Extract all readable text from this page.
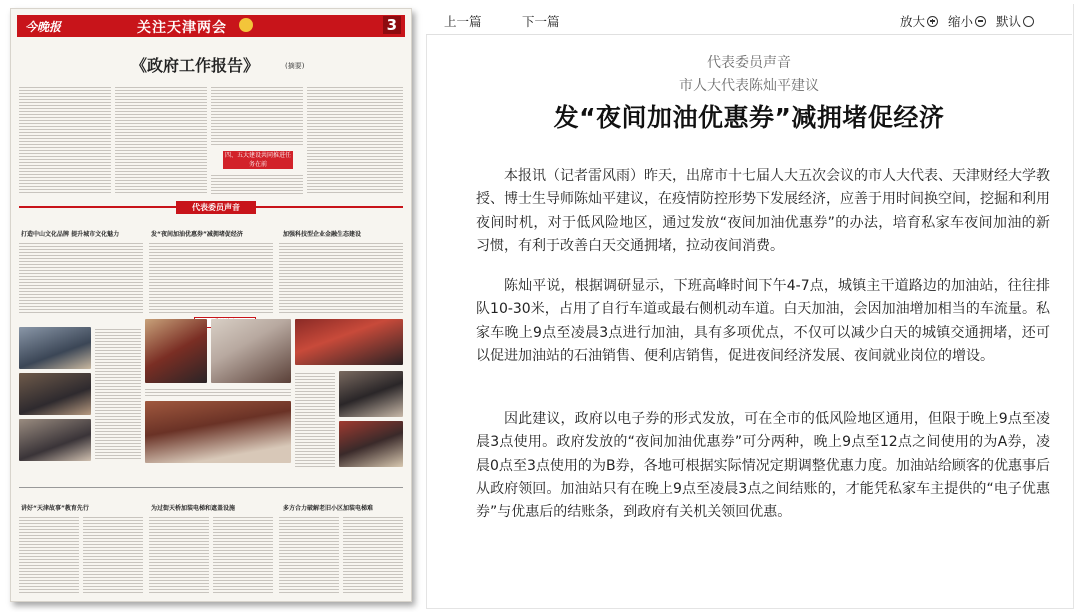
今晚报	关注天津两会	3
《政府工作报告》	(摘要)
四、五大建设共同推进任务在前
代表委员声音
打造中山文化品牌 提升城市文化魅力	发“夜间加油优惠券”减拥堵促经济	加强科技型企业金融生态建设
讲好“天津故事”教育先行	为过街天桥加装电梯和遮盖设施	多方合力破解老旧小区加装电梯难
上一篇	下一篇	放大 缩小 默认
代表委员声音
市人大代表陈灿平建议
发“夜间加油优惠券”减拥堵促经济

本报讯（记者雷风雨）昨天，出席市十七届人大五次会议的市人大代表、天津财经大学教授、博士生导师陈灿平建议，在疫情防控形势下发展经济，应善于用时间换空间，挖掘和利用夜间时机，对于低风险地区，通过发放“夜间加油优惠券”的办法，培育私家车夜间加油的新习惯，有利于改善白天交通拥堵，拉动夜间消费。

陈灿平说，根据调研显示，下班高峰时间下午4-7点，城镇主干道路边的加油站，往往排队10-30米，占用了自行车道或最右侧机动车道。白天加油，会因加油增加相当的车流量。私家车晚上9点至凌晨3点进行加油，具有多项优点，不仅可以减少白天的城镇交通拥堵，还可以促进加油站的石油销售、便利店销售，促进夜间经济发展、夜间就业岗位的增设。

因此建议，政府以电子券的形式发放，可在全市的低风险地区通用，但限于晚上9点至凌晨3点使用。政府发放的“夜间加油优惠券”可分两种，晚上9点至12点之间使用的为A券，凌晨0点至3点使用的为B券，各地可根据实际情况定期调整优惠力度。加油站给顾客的优惠事后从政府领回。加油站只有在晚上9点至凌晨3点之间结账的，才能凭私家车主提供的“电子优惠券”与优惠后的结账条，到政府有关机关领回优惠。
